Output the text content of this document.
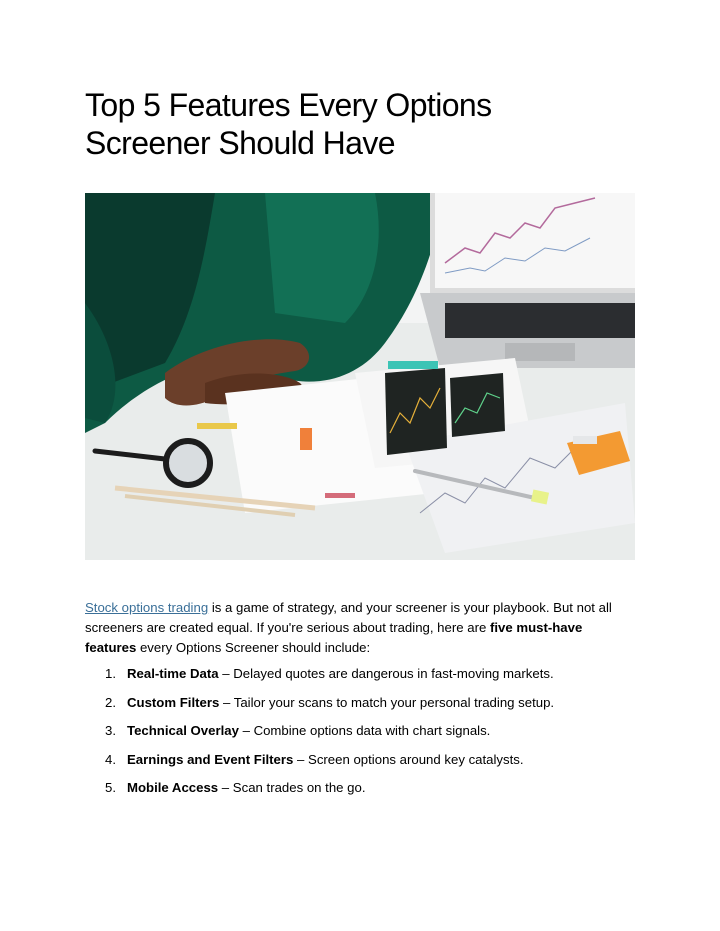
Top 5 Features Every Options
Screener Should Have

Stock options trading is a game of strategy, and your screener is your playbook. But not all screeners are created equal. If you're serious about trading, here are five must-have features every Options Screener should include:

1. Real-time Data – Delayed quotes are dangerous in fast-moving markets.
2. Custom Filters – Tailor your scans to match your personal trading setup.
3. Technical Overlay – Combine options data with chart signals.
4. Earnings and Event Filters – Screen options around key catalysts.
5. Mobile Access – Scan trades on the go.
